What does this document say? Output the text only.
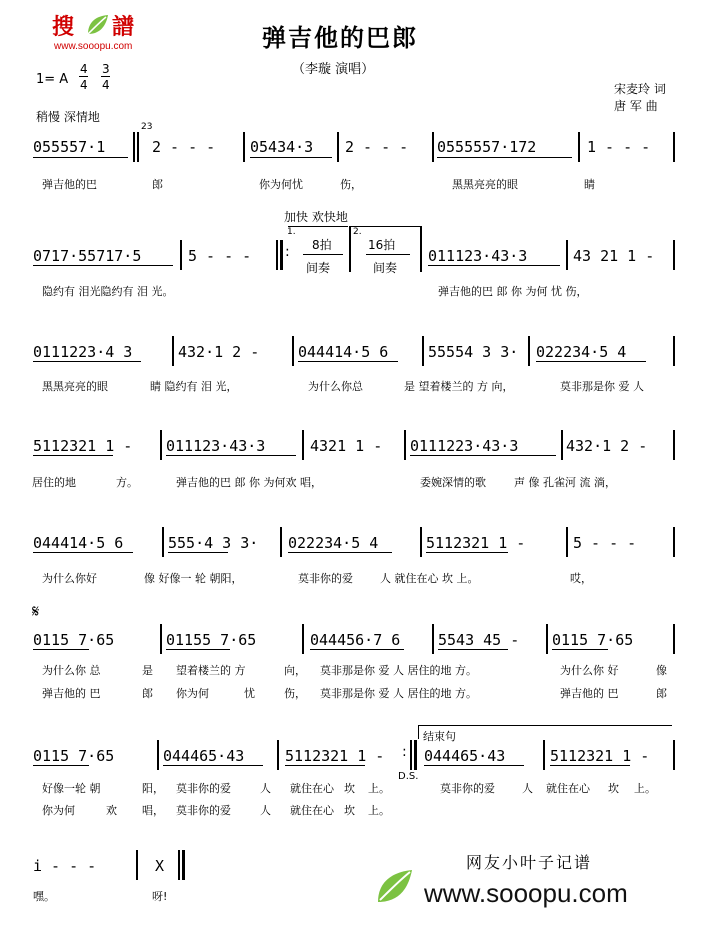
搜 譜
www.sooopu.com	弹吉他的巴郎
（李璇 演唱）
1= A
4
4
3
4	宋麦玲 词
唐 军 曲
稍慢 深情地
055557·1
23
2 - - - 05434·3 2 - - - 0555557·172	1 - - -
弹吉他的巴	郎	你为何忧	伤，	黑黑亮亮的眼	睛
加快 欢快地
0717·55717·5	5 - - - :
1.	2.
8拍
间奏
16拍
间奏
011123·43·3	43 21 1 -
隐约有 泪光隐约有 泪 光。	弹吉他的巴 郎 你 为何 忧 伤，
0111223·4 3	432·1 2 -	044414·5 6	55554 3 3· 022234·5 4
黑黑亮亮的眼	睛 隐约有 泪 光，	为什么你总	是 望着楼兰的 方 向，	莫非那是你 爱 人
5112321 1 - 011123·43·3	4321 1 - 0111223·43·3	432·1 2 -
居住的地	方。	弹吉他的巴 郎 你 为何欢 唱，	委婉深情的歌	声 像 孔雀河 流 淌，
044414·5 6	555·4 3 3· 022234·5 4	5112321 1 -	5 - - -
为什么你好	像 好像一 轮 朝阳，	莫非你的爱 人 就住在心 坎 上。	哎，
𝄋
0115 7·65	01155 7·65	044456·7 6	5543 45 - 0115 7·65
为什么你 总	是 望着楼兰的 方	向， 莫非那是你 爱 人 居住的地 方。	为什么你 好	像
弹吉他的 巴	郎 你为何	忧	伤， 莫非那是你 爱 人 居住的地 方。	弹吉他的 巴	郎
0115 7·65	044465·43	5112321 1 - :
D.S.
结束句
044465·43	5112321 1 -
好像一轮 朝	阳， 莫非你的爱	人 就住在心 坎 上。	莫非你的爱 人 就住在心 坎 上。
你为何	欢 唱， 莫非你的爱	人 就住在心 坎 上。
i - - -	X
嘿。	呀!
网友小叶子记谱
www.sooopu.com
